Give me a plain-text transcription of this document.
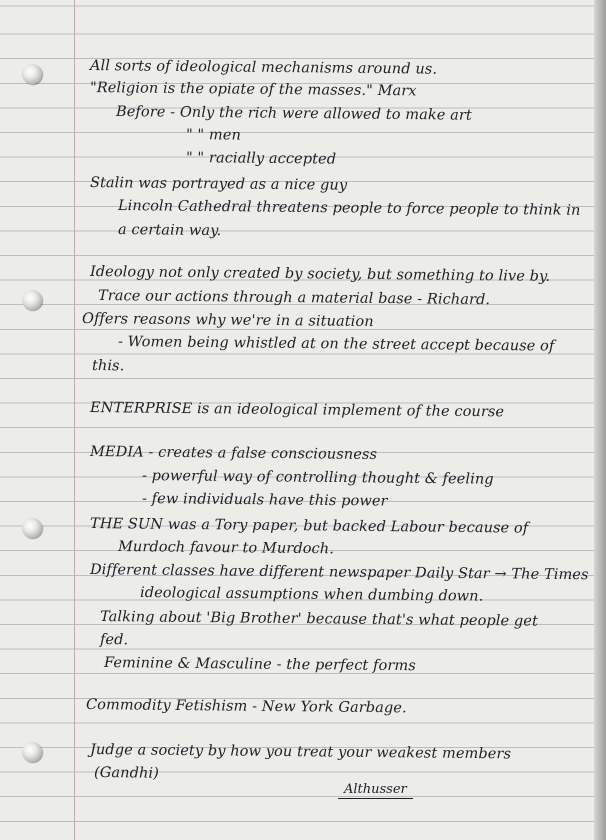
All sorts of ideological mechanisms around us.
"Religion is the opiate of the masses." Marx
Before - Only the rich were allowed to make art
" " men
" " racially accepted
Stalin was portrayed as a nice guy
Lincoln Cathedral threatens people to force people to think in
a certain way.
Ideology not only created by society, but something to live by.
Trace our actions through a material base - Richard.
Offers reasons why we're in a situation
- Women being whistled at on the street accept because of
this.
ENTERPRISE is an ideological implement of the course
MEDIA - creates a false consciousness
- powerful way of controlling thought & feeling
- few individuals have this power
THE SUN was a Tory paper, but backed Labour because of
Murdoch favour to Murdoch.
Different classes have different newspaper Daily Star → The Times
ideological assumptions when dumbing down.
Talking about 'Big Brother' because that's what people get
fed.
Feminine & Masculine - the perfect forms
Commodity Fetishism - New York Garbage.
Judge a society by how you treat your weakest members
(Gandhi)
Althusser
